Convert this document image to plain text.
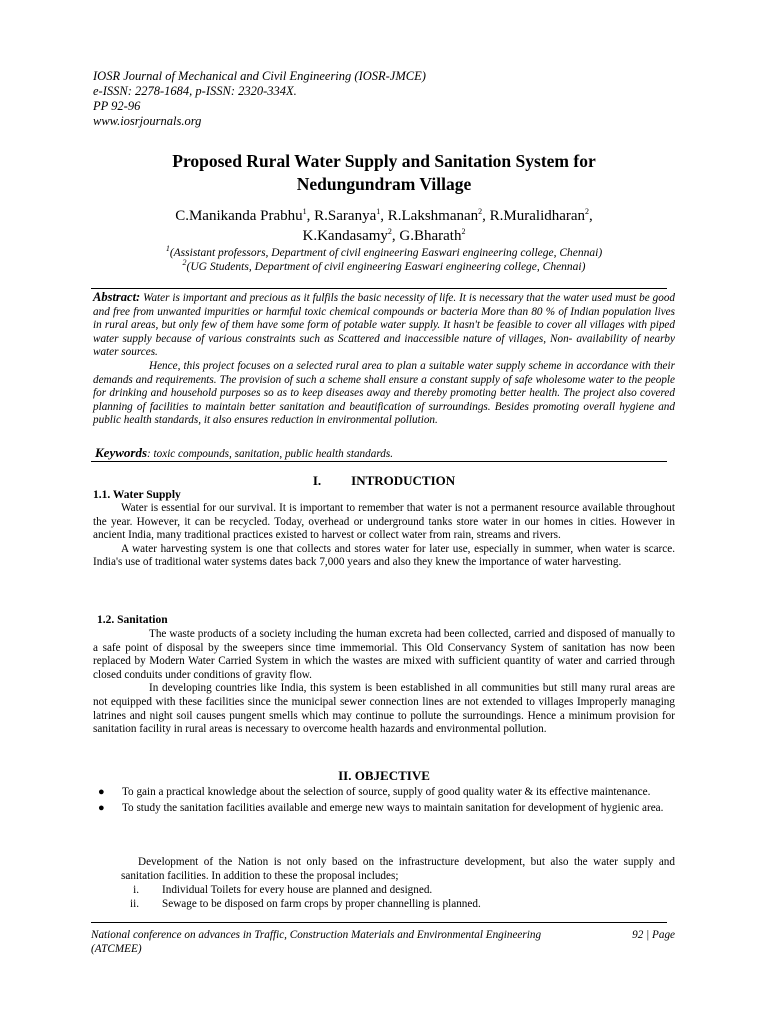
IOSR Journal of Mechanical and Civil Engineering (IOSR-JMCE)
e-ISSN: 2278-1684, p-ISSN: 2320-334X.
PP 92-96
www.iosrjournals.org
Proposed Rural Water Supply and Sanitation System for
Nedungundram Village
C.Manikanda Prabhu$^1$, R.Saranya$^1$, R.Lakshmanan$^2$, R.Muralidharan$^2$,
K.Kandasamy$^2$, G.Bharath$^2$
$^1$(Assistant professors, Department of civil engineering Easwari engineering college, Chennai)
$^2$(UG Students, Department of civil engineering Easwari engineering college, Chennai)

Abstract: Water is important and precious as it fulfils the basic necessity of life. It is necessary that the water used must be good and free from unwanted impurities or harmful toxic chemical compounds or bacteria More than 80 % of Indian population lives in rural areas, but only few of them have some form of potable water supply. It hasn't be feasible to cover all villages with piped water supply because of various constraints such as Scattered and inaccessible nature of villages, Non- availability of nearby water sources.

Hence, this project focuses on a selected rural area to plan a suitable water supply scheme in accordance with their demands and requirements. The provision of such a scheme shall ensure a constant supply of safe wholesome water to the people for drinking and household purposes so as to keep diseases away and thereby promoting better health. The project also covered planning of facilities to maintain better sanitation and beautification of surroundings. Besides promoting overall hygiene and public health standards, it also ensures reduction in environmental pollution.

Keywords: toxic compounds, sanitation, public health standards.
I. INTRODUCTION
1.1. Water Supply

Water is essential for our survival. It is important to remember that water is not a permanent resource available throughout the year. However, it can be recycled. Today, overhead or underground tanks store water in our homes in cities. However in ancient India, many traditional practices existed to harvest or collect water from rain, streams and rivers.

A water harvesting system is one that collects and stores water for later use, especially in summer, when water is scarce. India's use of traditional water systems dates back 7,000 years and also they knew the importance of water harvesting.

1.2. Sanitation

The waste products of a society including the human excreta had been collected, carried and disposed of manually to a safe point of disposal by the sweepers since time immemorial. This Old Conservancy System of sanitation has now been replaced by Modern Water Carried System in which the wastes are mixed with sufficient quantity of water and carried through closed conduits under conditions of gravity flow.

In developing countries like India, this system is been established in all communities but still many rural areas are not equipped with these facilities since the municipal sewer connection lines are not extended to villages Improperly managing latrines and night soil causes pungent smells which may continue to pollute the surroundings. Hence a minimum provision for sanitation facility in rural areas is necessary to overcome health hazards and environmental pollution.

II. OBJECTIVE
● To gain a practical knowledge about the selection of source, supply of good quality water & its effective maintenance.
● To study the sanitation facilities available and emerge new ways to maintain sanitation for development of hygienic area.

Development of the Nation is not only based on the infrastructure development, but also the water supply and sanitation facilities. In addition to these the proposal includes;

i. Individual Toilets for every house are planned and designed.
ii. Sewage to be disposed on farm crops by proper channelling is planned.
National conference on advances in Traffic, Construction Materials and Environmental Engineering (ATCMEE)
92 | Page
